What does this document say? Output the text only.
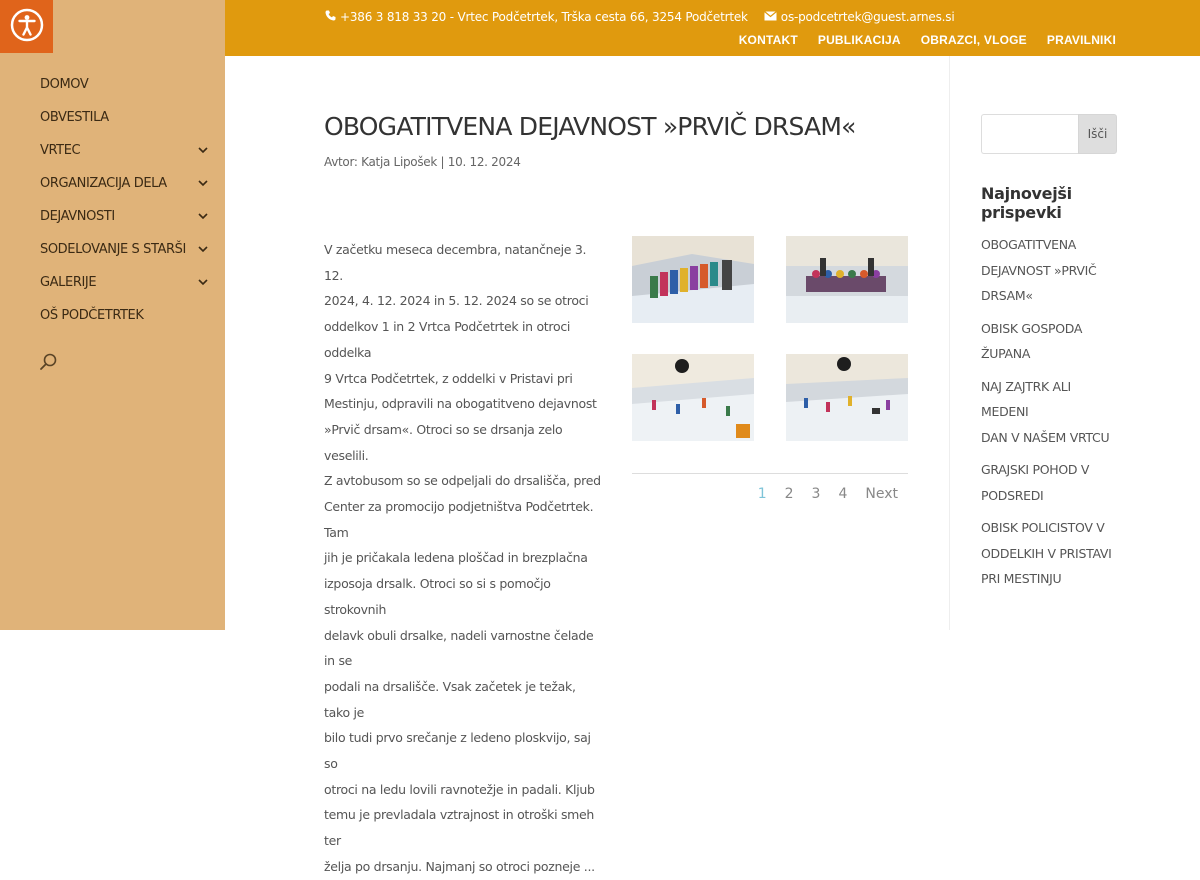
DOMOV
OBVESTILA
VRTEC
ORGANIZACIJA DELA
DEJAVNOSTI
SODELOVANJE S STARŠI
GALERIJE
OŠ PODČETRTEK
+386 3 818 33 20 - Vrtec Podčetrtek, Trška cesta 66, 3254 Podčetrtek	os-podcetrtek@guest.arnes.si
KONTAKT PUBLIKACIJA OBRAZCI, VLOGE PRAVILNIKI
OBOGATITVENA DEJAVNOST »PRVIČ DRSAM«
Avtor: Katja Lipošek | 10. 12. 2024
V začetku meseca decembra, natančneje 3. 12.
2024, 4. 12. 2024 in 5. 12. 2024 so se otroci
oddelkov 1 in 2 Vrtca Podčetrtek in otroci oddelka
9 Vrtca Podčetrtek, z oddelki v Pristavi pri
Mestinju, odpravili na obogatitveno dejavnost
»Prvič drsam«. Otroci so se drsanja zelo veselili.
Z avtobusom so se odpeljali do drsališča, pred
Center za promocijo podjetništva Podčetrtek. Tam
jih je pričakala ledena ploščad in brezplačna
izposoja drsalk. Otroci so si s pomočjo strokovnih
delavk obuli drsalke, nadeli varnostne čelade in se
podali na drsališče. Vsak začetek je težak, tako je
bilo tudi prvo srečanje z ledeno ploskvijo, saj so
otroci na ledu lovili ravnotežje in padali. Kljub
temu je prevladala vztrajnost in otroški smeh ter
želja po drsanju. Najmanj so otroci pozneje ...
1 2 3 4 Next
Išči
Najnovejši prispevki
OBOGATITVENA
DEJAVNOST »PRVIČ
DRSAM«
OBISK GOSPODA
ŽUPANA
NAJ ZAJTRK ALI MEDENI
DAN V NAŠEM VRTCU
GRAJSKI POHOD V
PODSREDI
OBISK POLICISTOV V
ODDELKIH V PRISTAVI
PRI MESTINJU
